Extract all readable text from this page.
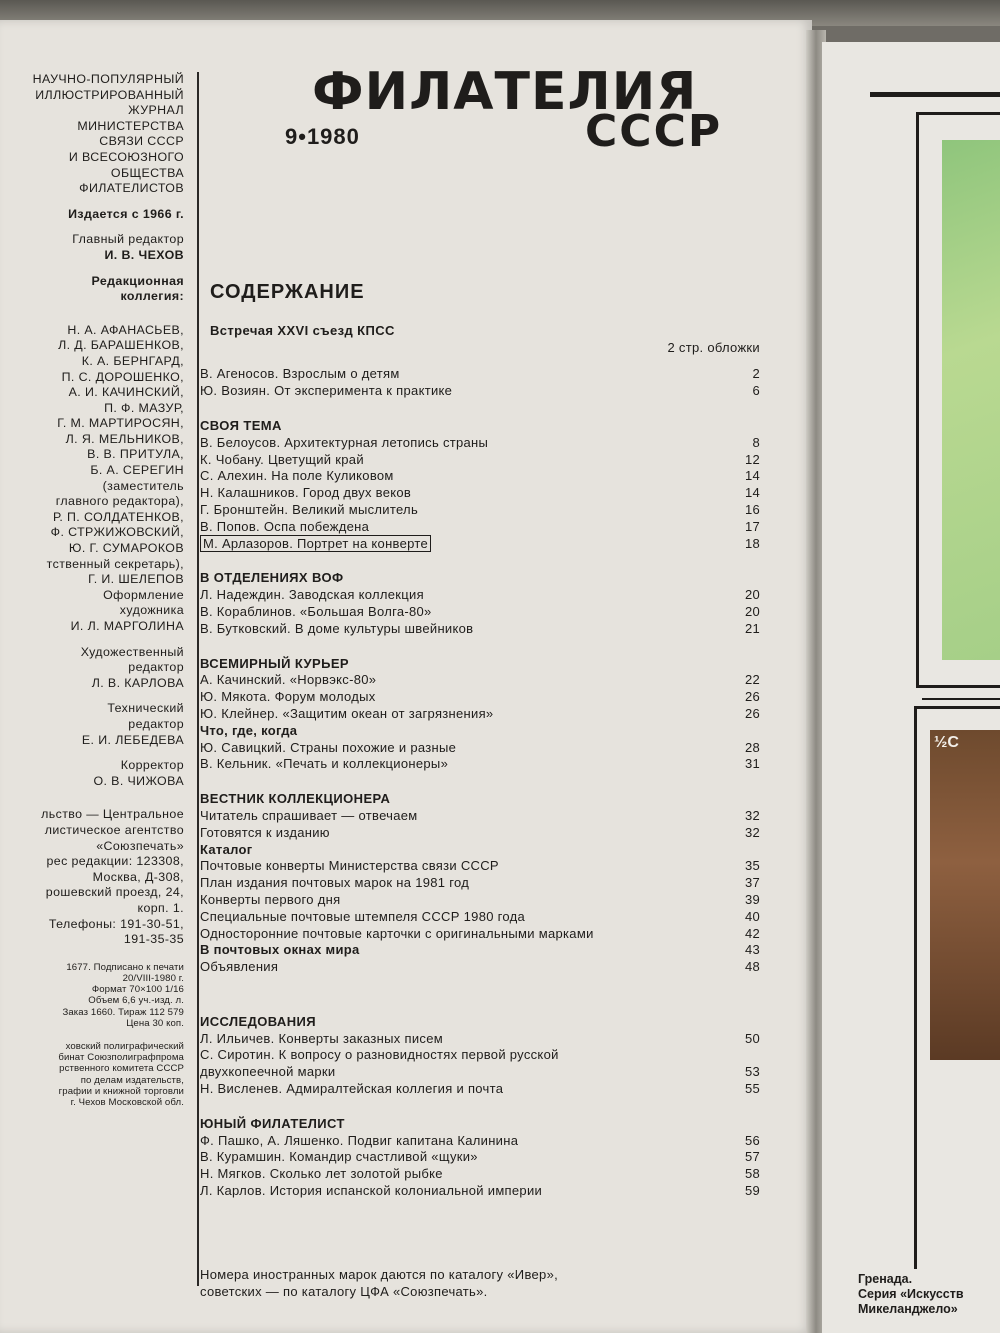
ФИЛАТЕЛИЯ
СССР
9•1980
НАУЧНО-ПОПУЛЯРНЫЙ
ИЛЛЮСТРИРОВАННЫЙ
ЖУРНАЛ
МИНИСТЕРСТВА
СВЯЗИ СССР
И ВСЕСОЮЗНОГО
ОБЩЕСТВА
ФИЛАТЕЛИСТОВ
Издается с 1966 г.
Главный редактор
И. В. ЧЕХОВ
Редакционная
коллегия:
Н. А. АФАНАСЬЕВ,
Л. Д. БАРАШЕНКОВ,
К. А. БЕРНГАРД,
П. С. ДОРОШЕНКО,
А. И. КАЧИНСКИЙ,
П. Ф. МАЗУР,
Г. М. МАРТИРОСЯН,
Л. Я. МЕЛЬНИКОВ,
В. В. ПРИТУЛА,
Б. А. СЕРЕГИН
(заместитель
главного редактора),
Р. П. СОЛДАТЕНКОВ,
Ф. СТРЖИЖОВСКИЙ,
Ю. Г. СУМАРОКОВ
тственный секретарь),
Г. И. ШЕЛЕПОВ
Оформление
художника
И. Л. МАРГОЛИНА
Художественный
редактор
Л. В. КАРЛОВА
Технический
редактор
Е. И. ЛЕБЕДЕВА
Корректор
О. В. ЧИЖОВА
льство — Центральное
листическое агентство
«Союзпечать»
рес редакции: 123308,
Москва, Д-308,
рошевский проезд, 24,
корп. 1.
Телефоны: 191-30-51,
191-35-35
1677. Подписано к печати
20/VIII-1980 г.
Формат 70×100 1/16
Объем 6,6 уч.-изд. л.
Заказ 1660. Тираж 112 579
Цена 30 коп.
ховский полиграфический
бинат Союзполиграфпрома
рственного комитета СССР
по делам издательств,
графии и книжной торговли
г. Чехов Московской обл.
СОДЕРЖАНИЕ
Встречая XXVI съезд КПСС
2 стр. обложки
В. Агеносов. Взрослым о детям	2
Ю. Возиян. От эксперимента к практике	6
СВОЯ ТЕМА
В. Белоусов. Архитектурная летопись страны	8
К. Чобану. Цветущий край	12
С. Алехин. На поле Куликовом	14
Н. Калашников. Город двух веков	14
Г. Бронштейн. Великий мыслитель	16
В. Попов. Оспа побеждена	17
М. Арлазоров. Портрет на конверте	18
В ОТДЕЛЕНИЯХ ВОФ
Л. Надеждин. Заводская коллекция	20
В. Кораблинов. «Большая Волга-80»	20
В. Бутковский. В доме культуры швейников	21
ВСЕМИРНЫЙ КУРЬЕР
А. Качинский. «Норвэкс-80»	22
Ю. Мякота. Форум молодых	26
Ю. Клейнер. «Защитим океан от загрязнения»	26
Что, где, когда
Ю. Савицкий. Страны похожие и разные	28
В. Кельник. «Печать и коллекционеры»	31
ВЕСТНИК КОЛЛЕКЦИОНЕРА
Читатель спрашивает — отвечаем	32
Готовятся к изданию	32
Каталог
Почтовые конверты Министерства связи СССР	35
План издания почтовых марок на 1981 год	37
Конверты первого дня	39
Специальные почтовые штемпеля СССР 1980 года	40
Односторонние почтовые карточки с оригинальными марками	42
В почтовых окнах мира	43
Объявления	48
ИССЛЕДОВАНИЯ
Л. Ильичев. Конверты заказных писем	50
С. Сиротин. К вопросу о разновидностях первой русской
двухкопеечной марки	53
Н. Висленев. Адмиралтейская коллегия и почта	55
ЮНЫЙ ФИЛАТЕЛИСТ
Ф. Пашко, А. Ляшенко. Подвиг капитана Калинина	56
В. Курамшин. Командир счастливой «щуки»	57
Н. Мягков. Сколько лет золотой рыбке	58
Л. Карлов. История испанской колониальной империи	59
Номера иностранных марок даются по каталогу «Ивер»,
советских — по каталогу ЦФА «Союзпечать».
½C
Гренада.
Серия «Искусств
Микеланджело»
